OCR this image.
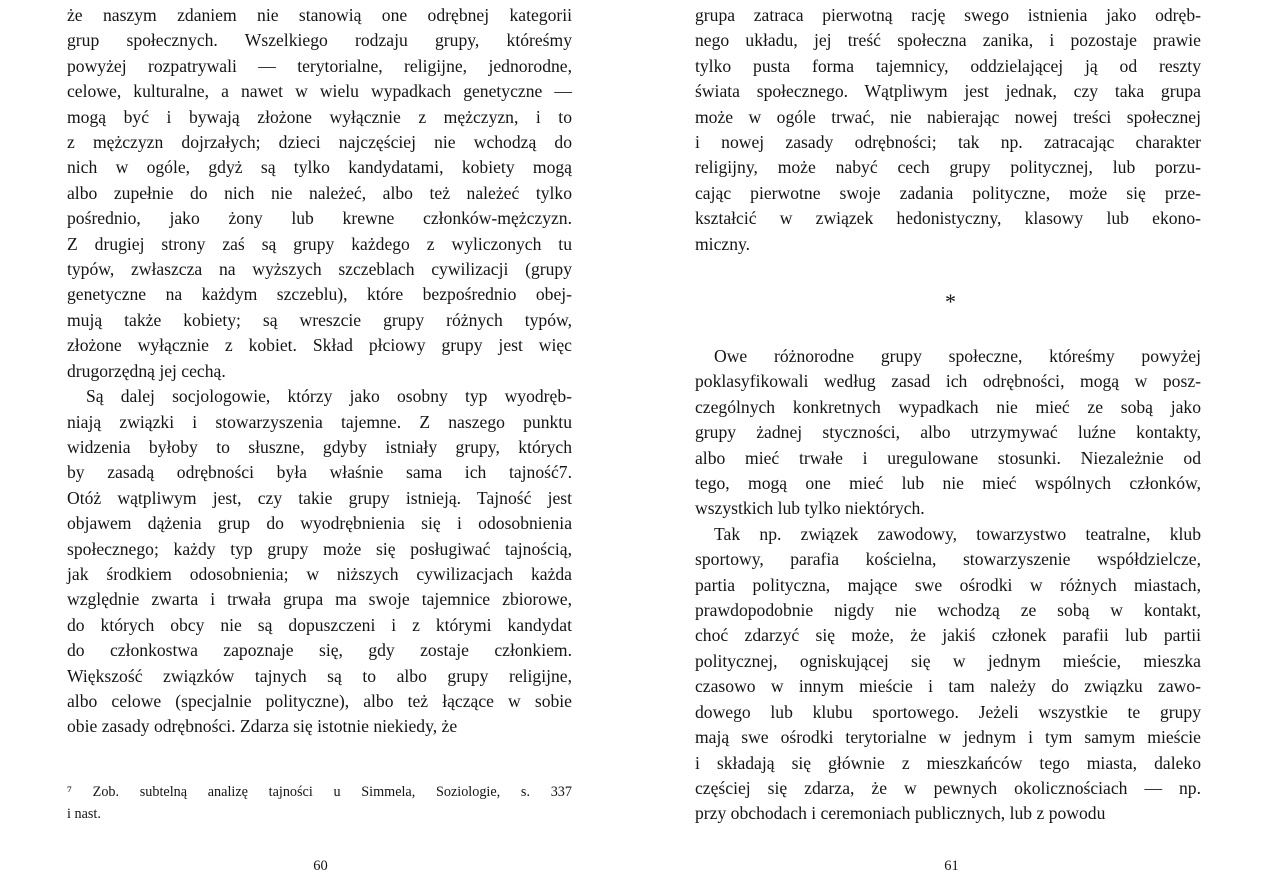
że naszym zdaniem nie stanowią one odrębnej kategorii
grup społecznych. Wszelkiego rodzaju grupy, któreśmy
powyżej rozpatrywali — terytorialne, religijne, jednorodne,
celowe, kulturalne, a nawet w wielu wypadkach genetyczne —
mogą być i bywają złożone wyłącznie z mężczyzn, i to
z mężczyzn dojrzałych; dzieci najczęściej nie wchodzą do
nich w ogóle, gdyż są tylko kandydatami, kobiety mogą
albo zupełnie do nich nie należeć, albo też należeć tylko
pośrednio, jako żony lub krewne członków-mężczyzn.
Z drugiej strony zaś są grupy każdego z wyliczonych tu
typów, zwłaszcza na wyższych szczeblach cywilizacji (grupy
genetyczne na każdym szczeblu), które bezpośrednio obej-
mują także kobiety; są wreszcie grupy różnych typów,
złożone wyłącznie z kobiet. Skład płciowy grupy jest więc
drugorzędną jej cechą.

Są dalej socjologowie, którzy jako osobny typ wyodręb-
niają związki i stowarzyszenia tajemne. Z naszego punktu
widzenia byłoby to słuszne, gdyby istniały grupy, których
by zasadą odrębności była właśnie sama ich tajność7.
Otóż wątpliwym jest, czy takie grupy istnieją. Tajność jest
objawem dążenia grup do wyodrębnienia się i odosobnienia
społecznego; każdy typ grupy może się posługiwać tajnością,
jak środkiem odosobnienia; w niższych cywilizacjach każda
względnie zwarta i trwała grupa ma swoje tajemnice zbiorowe,
do których obcy nie są dopuszczeni i z którymi kandydat
do członkostwa zapoznaje się, gdy zostaje członkiem.
Większość związków tajnych są to albo grupy religijne,
albo celowe (specjalnie polityczne), albo też łączące w sobie
obie zasady odrębności. Zdarza się istotnie niekiedy, że

⁷ Zob. subtelną analizę tajności u Simmela, Soziologie, s. 337
i nast.
60

grupa zatraca pierwotną rację swego istnienia jako odręb-
nego układu, jej treść społeczna zanika, i pozostaje prawie
tylko pusta forma tajemnicy, oddzielającej ją od reszty
świata społecznego. Wątpliwym jest jednak, czy taka grupa
może w ogóle trwać, nie nabierając nowej treści społecznej
i nowej zasady odrębności; tak np. zatracając charakter
religijny, może nabyć cech grupy politycznej, lub porzu-
cając pierwotne swoje zadania polityczne, może się prze-
kształcić w związek hedonistyczny, klasowy lub ekono-
miczny.

*

Owe różnorodne grupy społeczne, któreśmy powyżej
poklasyfikowali według zasad ich odrębności, mogą w posz-
czególnych konkretnych wypadkach nie mieć ze sobą jako
grupy żadnej styczności, albo utrzymywać luźne kontakty,
albo mieć trwałe i uregulowane stosunki. Niezależnie od
tego, mogą one mieć lub nie mieć wspólnych członków,
wszystkich lub tylko niektórych.

Tak np. związek zawodowy, towarzystwo teatralne, klub
sportowy, parafia kościelna, stowarzyszenie współdzielcze,
partia polityczna, mające swe ośrodki w różnych miastach,
prawdopodobnie nigdy nie wchodzą ze sobą w kontakt,
choć zdarzyć się może, że jakiś członek parafii lub partii
politycznej, ogniskującej się w jednym mieście, mieszka
czasowo w innym mieście i tam należy do związku zawo-
dowego lub klubu sportowego. Jeżeli wszystkie te grupy
mają swe ośrodki terytorialne w jednym i tym samym mieście
i składają się głównie z mieszkańców tego miasta, daleko
częściej się zdarza, że w pewnych okolicznościach — np.
przy obchodach i ceremoniach publicznych, lub z powodu

61
